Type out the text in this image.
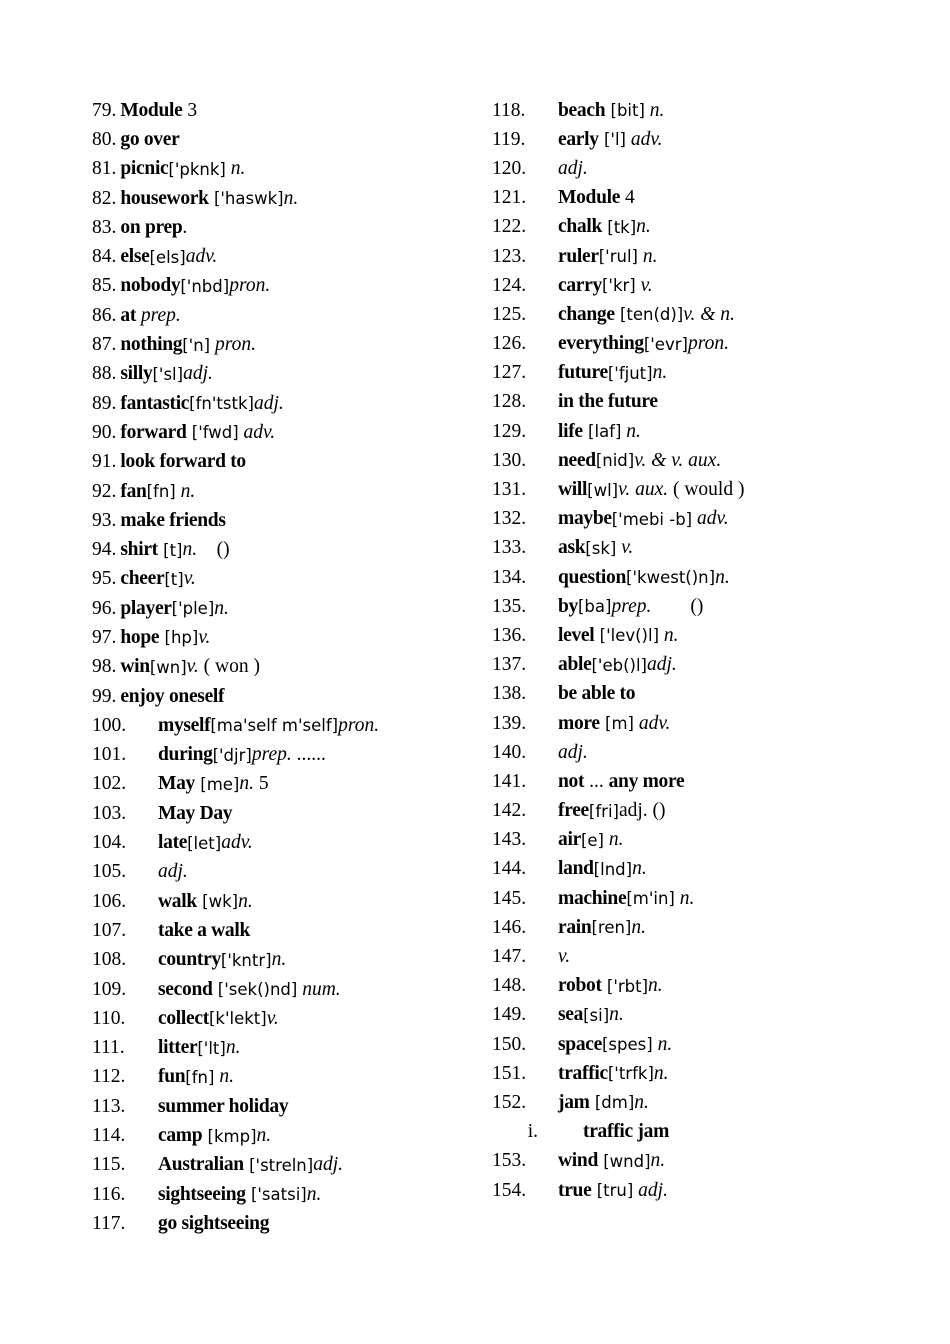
79. Module 3
80. go over
81. picnic ['pknk] n.
82. housework ['haswk] n.
83. on prep .
84. else [els] adv.
85. nobody ['nbd] pron.
86. at prep.
87. nothing ['n] pron.
88. silly ['sl] adj.
89. fantastic [fn'tstk] adj.
90. forward ['fwd] adv.
91. look forward to
92. fan [fn] n.
93. make friends
94. shirt [t] n. ()
95. cheer [t] v.
96. player ['ple] n.
97. hope [hp] v.
98. win [wn] v. ( won )
99. enjoy oneself
100.	myself [ma'self m'self] pron.
101.	during ['djr] prep. ......
102.	May [me] n. 5
103.	May Day
104.	late [let] adv.
105.	adj.
106.	walk [wk] n.
107.	take a walk
108.	country ['kntr] n.
109.	second ['sek()nd] num.
110.	collect [k'lekt] v.
111.	litter ['lt] n.
112.	fun [fn] n.
113.	summer holiday
114.	camp [kmp] n.
115.	Australian ['streln] adj.
116.	sightseeing ['satsi] n.
117.	go sightseeing
118.	beach [bit] n.
119.	early ['l] adv.
120.	adj.
121.	Module 4
122.	chalk [tk] n.
123.	ruler ['rul] n.
124.	carry ['kr] v.
125.	change [ten(d)] v. & n.
126.	everything ['evr] pron.
127.	future ['fjut] n.
128.	in the future
129.	life [laf] n.
130.	need [nid] v. & v. aux.
131.	will [wl] v. aux. ( would )
132.	maybe ['mebi -b] adv.
133.	ask [sk] v.
134.	question ['kwest()n] n.
135.	by [ba] prep. ()
136.	level ['lev()l] n.
137.	able ['eb()l] adj.
138.	be able to
139.	more [m] adv.
140.	adj.
141.	not ... any more
142.	free [fri] adj. ()
143.	air [e] n.
144.	land [lnd] n.
145.	machine [m'in] n.
146.	rain [ren] n.
147.	v.
148.	robot ['rbt] n.
149.	sea [si] n.
150.	space [spes] n.
151.	traffic ['trfk] n.
152.	jam [dm] n.
i. traffic jam
153.	wind [wnd] n.
154.	true [tru] adj.
